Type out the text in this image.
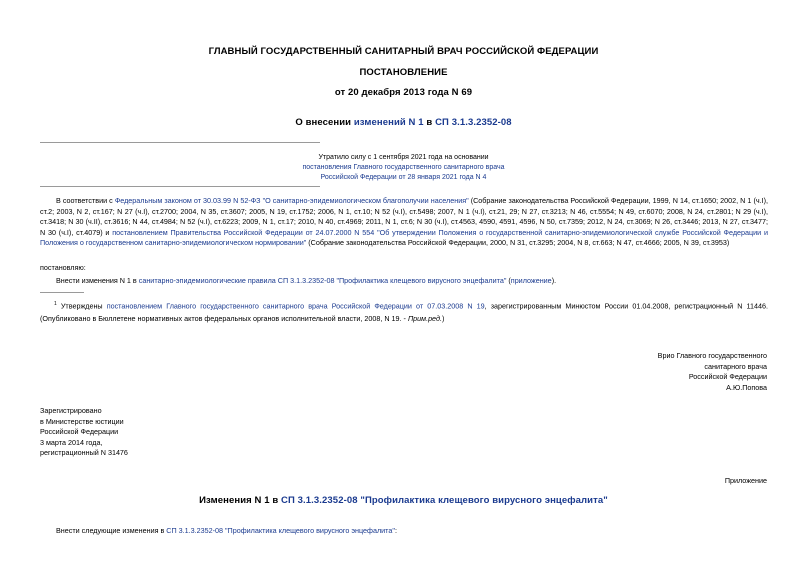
ГЛАВНЫЙ ГОСУДАРСТВЕННЫЙ САНИТАРНЫЙ ВРАЧ РОССИЙСКОЙ ФЕДЕРАЦИИ
ПОСТАНОВЛЕНИЕ
от 20 декабря 2013 года N 69
О внесении изменений N 1 в СП 3.1.3.2352-08
Утратило силу с 1 сентября 2021 года на основании
постановления Главного государственного санитарного врача
Российской Федерации от 28 января 2021 года N 4
В соответствии с Федеральным законом от 30.03.99 N 52-ФЗ "О санитарно-эпидемиологическом благополучии населения" (Собрание законодательства Российской Федерации, 1999, N 14, ст.1650; 2002, N 1 (ч.I), ст.2; 2003, N 2, ст.167; N 27 (ч.I), ст.2700; 2004, N 35, ст.3607; 2005, N 19, ст.1752; 2006, N 1, ст.10; N 52 (ч.I), ст.5498; 2007, N 1 (ч.I), ст.21, 29; N 27, ст.3213; N 46, ст.5554; N 49, ст.6070; 2008, N 24, ст.2801; N 29 (ч.I), ст.3418; N 30 (ч.II), ст.3616; N 44, ст.4984; N 52 (ч.I), ст.6223; 2009, N 1, ст.17; 2010, N 40, ст.4969; 2011, N 1, ст.6; N 30 (ч.I), ст.4563, 4590, 4591, 4596, N 50, ст.7359; 2012, N 24, ст.3069; N 26, ст.3446; 2013, N 27, ст.3477; N 30 (ч.I), ст.4079) и постановлением Правительства Российской Федерации от 24.07.2000 N 554 "Об утверждении Положения о государственной санитарно-эпидемиологической службе Российской Федерации и Положения о государственном санитарно-эпидемиологическом нормировании" (Собрание законодательства Российской Федерации, 2000, N 31, ст.3295; 2004, N 8, ст.663; N 47, ст.4666; 2005, N 39, ст.3953)
постановляю:
Внести изменения N 1 в санитарно-эпидемиологические правила СП 3.1.3.2352-08 "Профилактика клещевого вирусного энцефалита" (приложение).
$^1$ Утверждены постановлением Главного государственного санитарного врача Российской Федерации от 07.03.2008 N 19, зарегистрированным Минюстом России 01.04.2008, регистрационный N 11446. (Опубликовано в Бюллетене нормативных актов федеральных органов исполнительной власти, 2008, N 19. - Прим.ред.)
Врио Главного государственного
санитарного врача
Российской Федерации
А.Ю.Попова
Зарегистрировано
в Министерстве юстиции
Российской Федерации
3 марта 2014 года,
регистрационный N 31476
Приложение
Изменения N 1 в СП 3.1.3.2352-08 "Профилактика клещевого вирусного энцефалита"
Внести следующие изменения в СП 3.1.3.2352-08 "Профилактика клещевого вирусного энцефалита":
